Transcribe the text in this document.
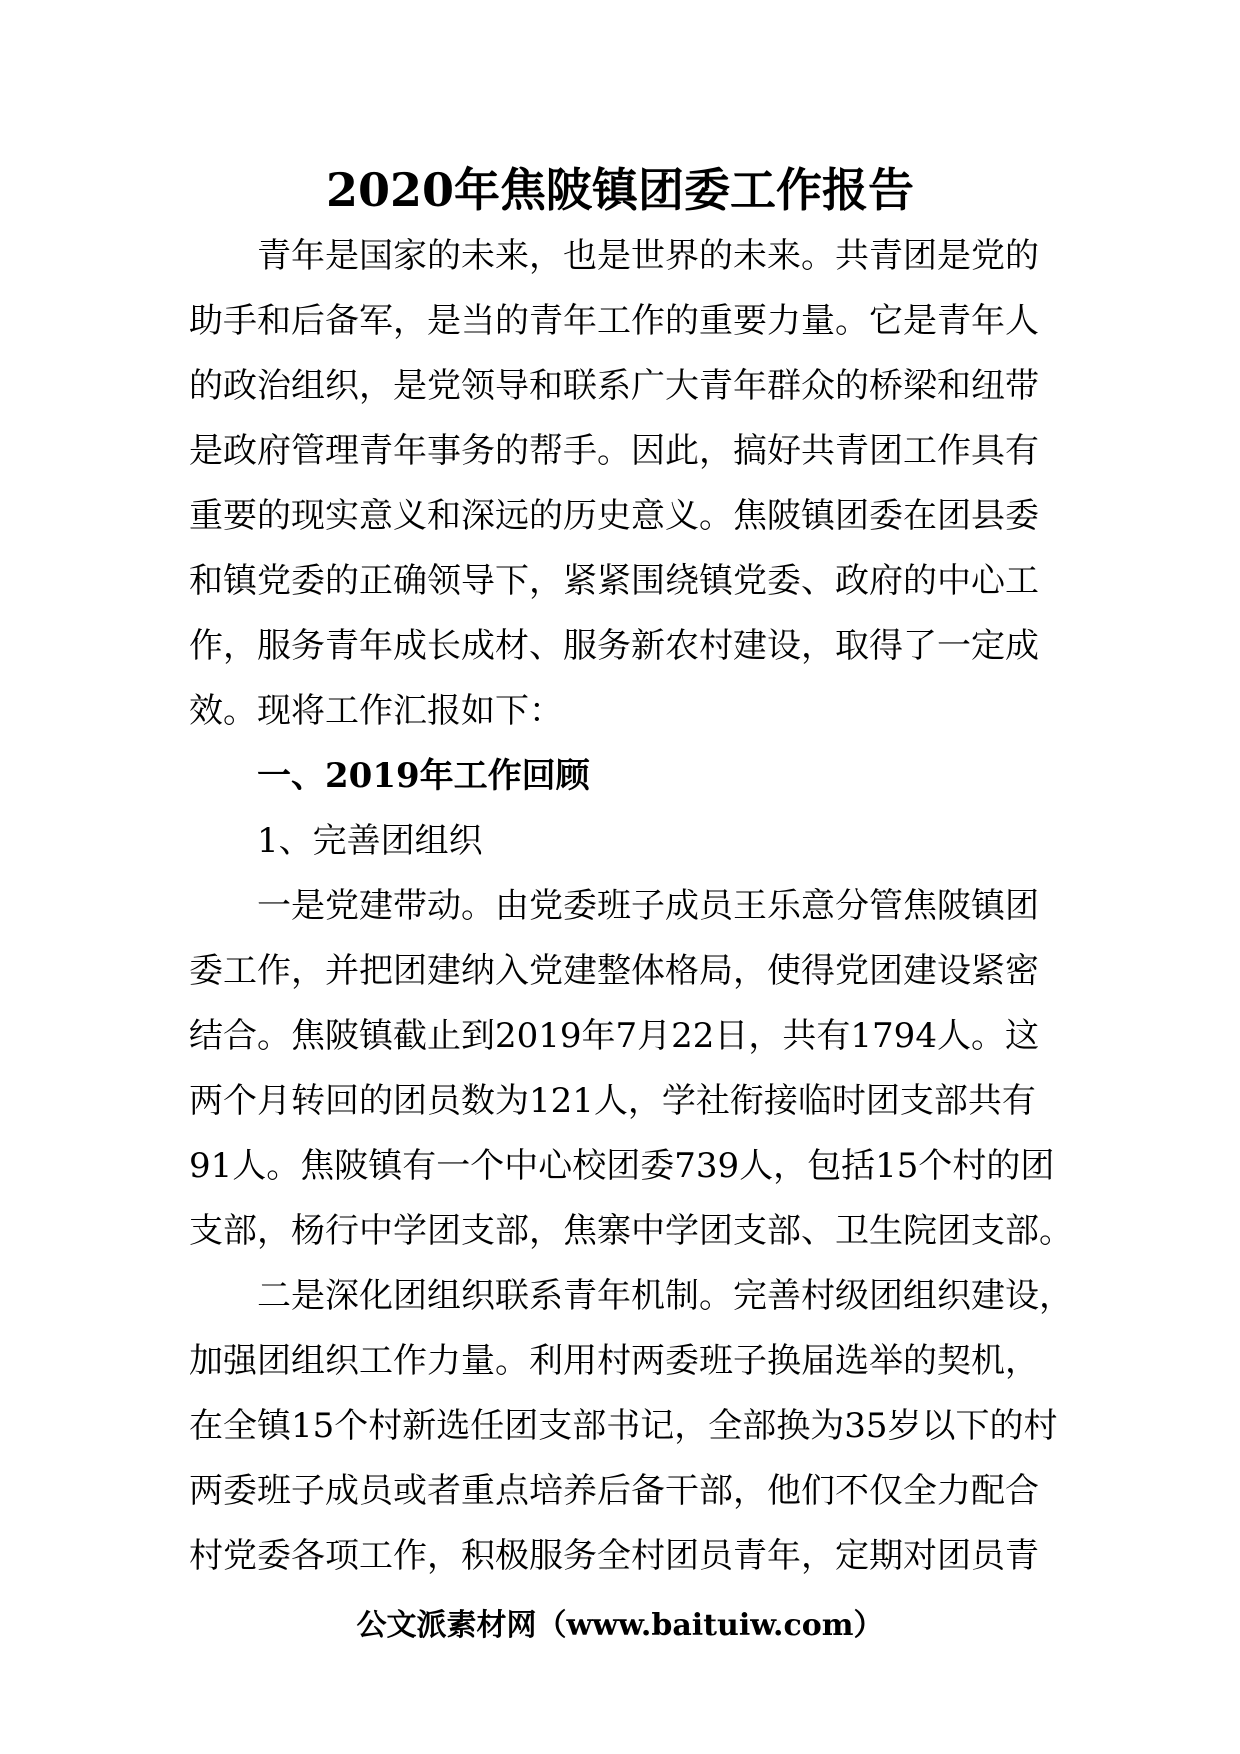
2020年焦陂镇团委工作报告
青年是国家的未来，也是世界的未来。共青团是党的
助手和后备军，是当的青年工作的重要力量。它是青年人
的政治组织，是党领导和联系广大青年群众的桥梁和纽带
是政府管理青年事务的帮手。因此，搞好共青团工作具有
重要的现实意义和深远的历史意义。焦陂镇团委在团县委
和镇党委的正确领导下，紧紧围绕镇党委、政府的中心工
作，服务青年成长成材、服务新农村建设，取得了一定成
效。现将工作汇报如下：
一、2019年工作回顾
1、完善团组织
一是党建带动。由党委班子成员王乐意分管焦陂镇团
委工作，并把团建纳入党建整体格局，使得党团建设紧密
结合。焦陂镇截止到2019年7月22日，共有1794人。这
两个月转回的团员数为121人，学社衔接临时团支部共有
91人。焦陂镇有一个中心校团委739人，包括15个村的团
支部，杨行中学团支部，焦寨中学团支部、卫生院团支部。
二是深化团组织联系青年机制。完善村级团组织建设，
加强团组织工作力量。利用村两委班子换届选举的契机，
在全镇15个村新选任团支部书记，全部换为35岁以下的村
两委班子成员或者重点培养后备干部，他们不仅全力配合
村党委各项工作，积极服务全村团员青年，定期对团员青
公文派素材网（www.baituiw.com）
